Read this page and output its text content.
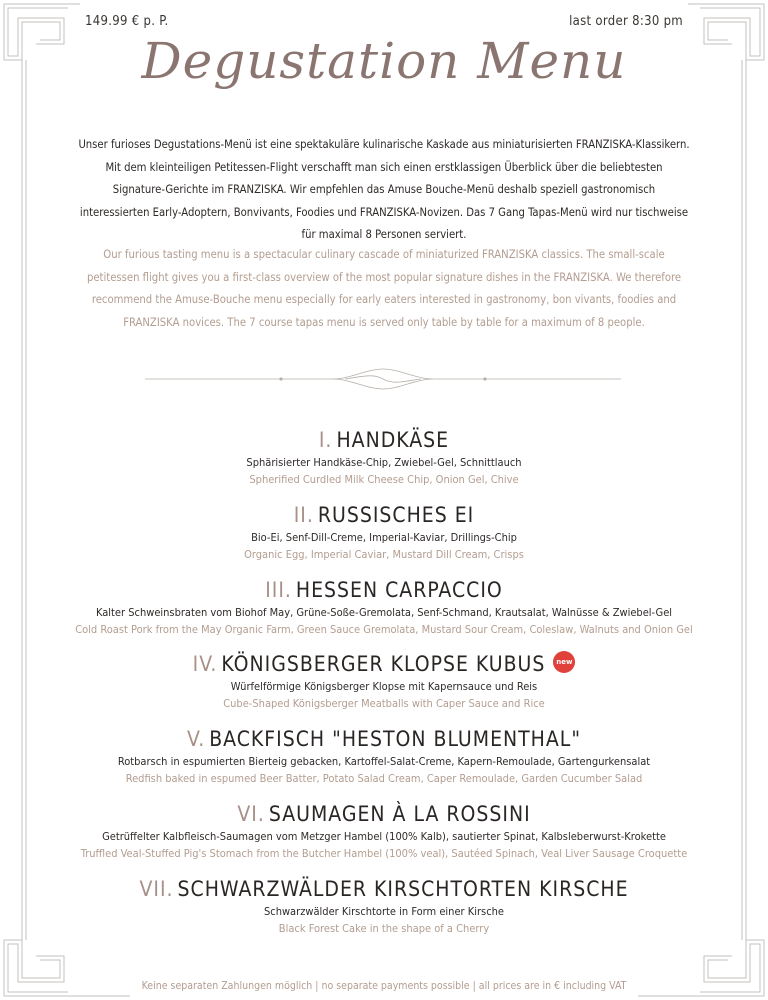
149.99 € p. P.	last order 8:30 pm
Degustation Menu

Unser furioses Degustations-Menü ist eine spektakuläre kulinarische Kaskade aus miniaturisierten FRANZISKA-Klassikern. Mit dem kleinteiligen Petitessen-Flight verschafft man sich einen erstklassigen Überblick über die beliebtesten Signature-Gerichte im FRANZISKA. Wir empfehlen das Amuse Bouche-Menü deshalb speziell gastronomisch interessierten Early-Adoptern, Bonvivants, Foodies und FRANZISKA-Novizen. Das 7 Gang Tapas-Menü wird nur tischweise für maximal 8 Personen serviert.

Our furious tasting menu is a spectacular culinary cascade of miniaturized FRANZISKA classics. The small-scale petitessen flight gives you a first-class overview of the most popular signature dishes in the FRANZISKA. We therefore recommend the Amuse-Bouche menu especially for early eaters interested in gastronomy, bon vivants, foodies and FRANZISKA novices. The 7 course tapas menu is served only table by table for a maximum of 8 people.

I. HANDKÄSE

Sphärisierter Handkäse-Chip, Zwiebel-Gel, Schnittlauch

Spherified Curdled Milk Cheese Chip, Onion Gel, Chive

II. RUSSISCHES EI

Bio-Ei, Senf-Dill-Creme, Imperial-Kaviar, Drillings-Chip

Organic Egg, Imperial Caviar, Mustard Dill Cream, Crisps

III. HESSEN CARPACCIO

Kalter Schweinsbraten vom Biohof May, Grüne-Soße-Gremolata, Senf-Schmand, Krautsalat, Walnüsse & Zwiebel-Gel

Cold Roast Pork from the May Organic Farm, Green Sauce Gremolata, Mustard Sour Cream, Coleslaw, Walnuts and Onion Gel

IV. KÖNIGSBERGER KLOPSE KUBUS new

Würfelförmige Königsberger Klopse mit Kapernsauce und Reis

Cube-Shaped Königsberger Meatballs with Caper Sauce and Rice

V. BACKFISCH "HESTON BLUMENTHAL"

Rotbarsch in espumierten Bierteig gebacken, Kartoffel-Salat-Creme, Kapern-Remoulade, Gartengurkensalat

Redfish baked in espumed Beer Batter, Potato Salad Cream, Caper Remoulade, Garden Cucumber Salad

VI. SAUMAGEN À LA ROSSINI

Getrüffelter Kalbfleisch-Saumagen vom Metzger Hambel (100% Kalb), sautierter Spinat, Kalbsleberwurst-Krokette

Truffled Veal-Stuffed Pig's Stomach from the Butcher Hambel (100% veal), Sautéed Spinach, Veal Liver Sausage Croquette

VII. SCHWARZWÄLDER KIRSCHTORTEN KIRSCHE

Schwarzwälder Kirschtorte in Form einer Kirsche

Black Forest Cake in the shape of a Cherry

Keine separaten Zahlungen möglich | no separate payments possible | all prices are in € including VAT
